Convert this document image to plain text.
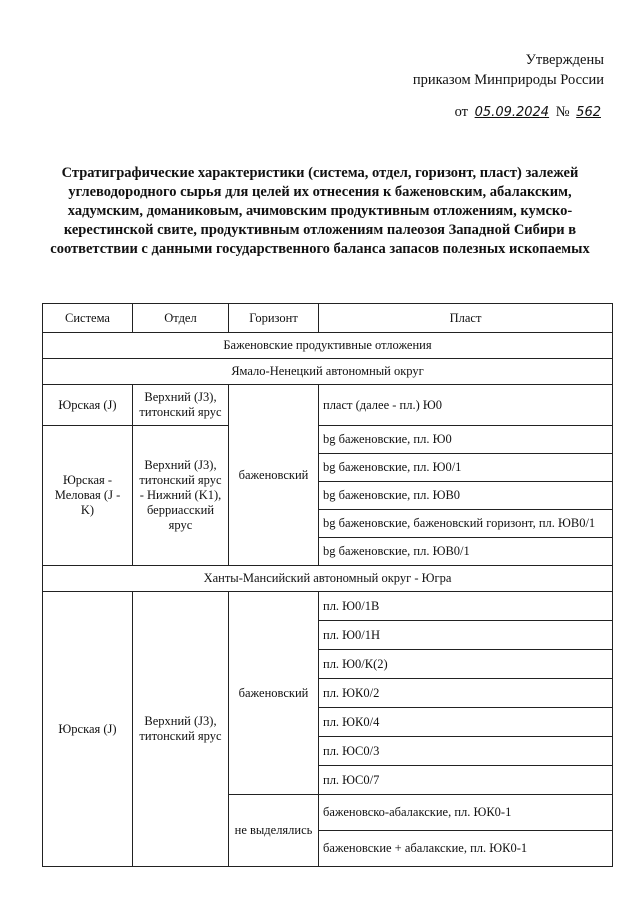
Утверждены
приказом Минприроды России
от 05.09.2024 № 562
Стратиграфические характеристики (система, отдел, горизонт, пласт) залежей углеводородного сырья для целей их отнесения к баженовским, абалакским, хадумским, доманиковым, ачимовским продуктивным отложениям, кумско-керестинской свите, продуктивным отложениям палеозоя Западной Сибири в соответствии с данными государственного баланса запасов полезных ископаемых
Система	Отдел	Горизонт	Пласт
Баженовские продуктивные отложения			
Ямало-Ненецкий автономный округ			
Юрская (J)	Верхний (J3), титонский ярус	баженовский	пласт (далее - пл.) Ю0
Юрская - Меловая (J - K)	Верхний (J3), титонский ярус - Нижний (K1), берриасский ярус		bg баженовские, пл. Ю0
			bg баженовские, пл. Ю0/1
			bg баженовские, пл. ЮВ0
			bg баженовские, баженовский горизонт, пл. ЮВ0/1
			bg баженовские, пл. ЮВ0/1
Ханты-Мансийский автономный округ - Югра			
Юрская (J)	Верхний (J3), титонский ярус	баженовский	пл. Ю0/1В
			пл. Ю0/1Н
			пл. Ю0/К(2)
			пл. ЮК0/2
			пл. ЮК0/4
			пл. ЮС0/3
			пл. ЮС0/7
		не выделялись	баженовско-абалакские, пл. ЮК0-1
			баженовские + абалакские, пл. ЮК0-1
